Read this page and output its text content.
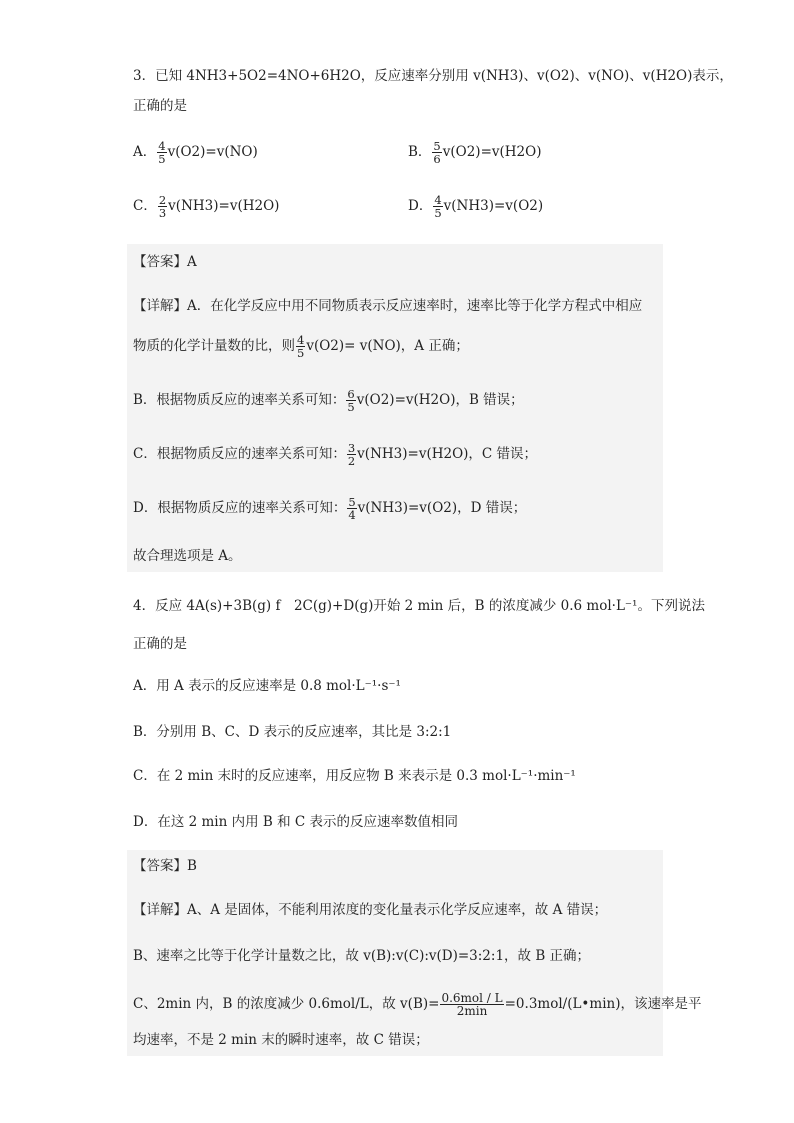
3．已知 4NH3+5O2=4NO+6H2O，反应速率分别用 v(NH3)、v(O2)、v(NO)、v(H2O)表示，
正确的是
A． $\frac{4}{5} v(O2)=v(NO)$	B． $\frac{5}{6} v(O2)=v(H2O)$
C． $\frac{2}{3} v(NH3)=v(H2O)$	D． $\frac{4}{5} v(NH3)=v(O2)$
【答案】A
【详解】A．在化学反应中用不同物质表示反应速率时，速率比等于化学方程式中相应
物质的化学计量数的比，则 $\frac{4}{5} v(O2)= v(NO)$，A 正确；
B．根据物质反应的速率关系可知： $\frac{6}{5} v(O2)=v(H2O)$，B 错误；
C．根据物质反应的速率关系可知： $\frac{3}{2} v(NH3)=v(H2O)$，C 错误；
D．根据物质反应的速率关系可知： $\frac{5}{4} v(NH3)=v(O2)$，D 错误；
故合理选项是 A。
4．反应 4A(s)+3B(g) f　2C(g)+D(g)开始 2 min 后，B 的浓度减少 0.6 mol·L⁻¹。下列说法
正确的是
A．用 A 表示的反应速率是 0.8 mol·L⁻¹·s⁻¹
B．分别用 B、C、D 表示的反应速率，其比是 3:2:1
C．在 2 min 末时的反应速率，用反应物 B 来表示是 0.3 mol·L⁻¹·min⁻¹
D．在这 2 min 内用 B 和 C 表示的反应速率数值相同
【答案】B
【详解】A、A 是固体，不能利用浓度的变化量表示化学反应速率，故 A 错误；
B、速率之比等于化学计量数之比，故 v(B):v(C):v(D)=3:2:1，故 B 正确；
C、2min 内，B 的浓度减少 0.6mol/L，故 $v(B)= \frac{\text{0.6mol / L}}{2\min}$ =0.3mol/(L•min)，该速率是平
均速率，不是 2 min 末的瞬时速率，故 C 错误；
